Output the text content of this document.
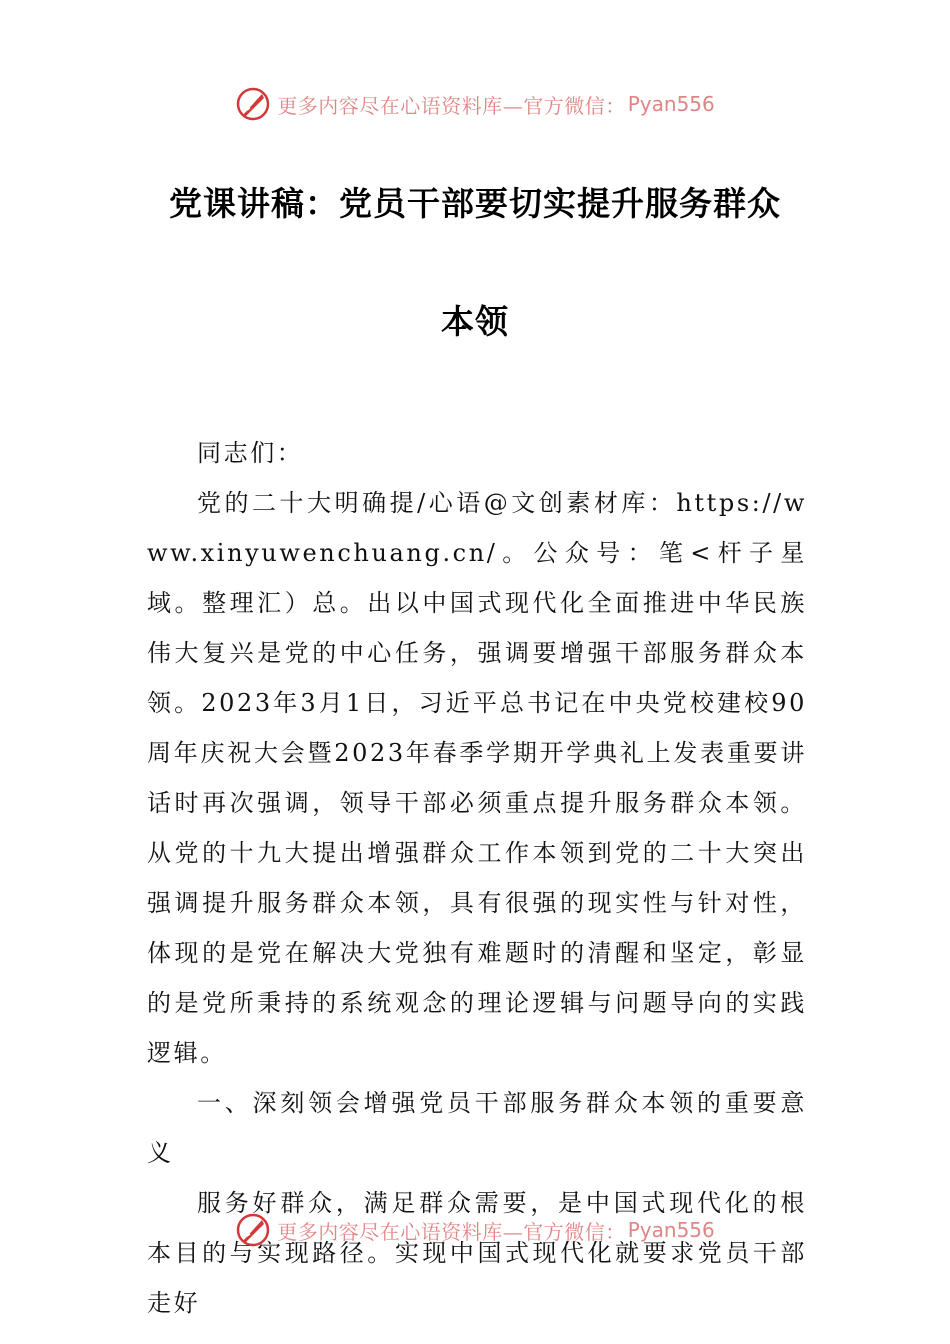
更多内容尽在心语资料库—官方微信： Pyan556
党课讲稿：党员干部要切实提升服务群众
本领

同志们：

党的二十大明确提/心语@文创素材库：https://www.xinyuwenchuang.cn/。公众号：笔<杆子星域。整理汇）总。出以中国式现代化全面推进中华民族伟大复兴是党的中心任务，强调要增强干部服务群众本领。2023年3月1日，习近平总书记在中央党校建校90周年庆祝大会暨2023年春季学期开学典礼上发表重要讲话时再次强调，领导干部必须重点提升服务群众本领。从党的十九大提出增强群众工作本领到党的二十大突出强调提升服务群众本领，具有很强的现实性与针对性，体现的是党在解决大党独有难题时的清醒和坚定，彰显的是党所秉持的系统观念的理论逻辑与问题导向的实践逻辑。

一、深刻领会增强党员干部服务群众本领的重要意义

服务好群众，满足群众需要，是中国式现代化的根本目的与实现路径。实现中国式现代化就要求党员干部走好

更多内容尽在心语资料库—官方微信： Pyan556
